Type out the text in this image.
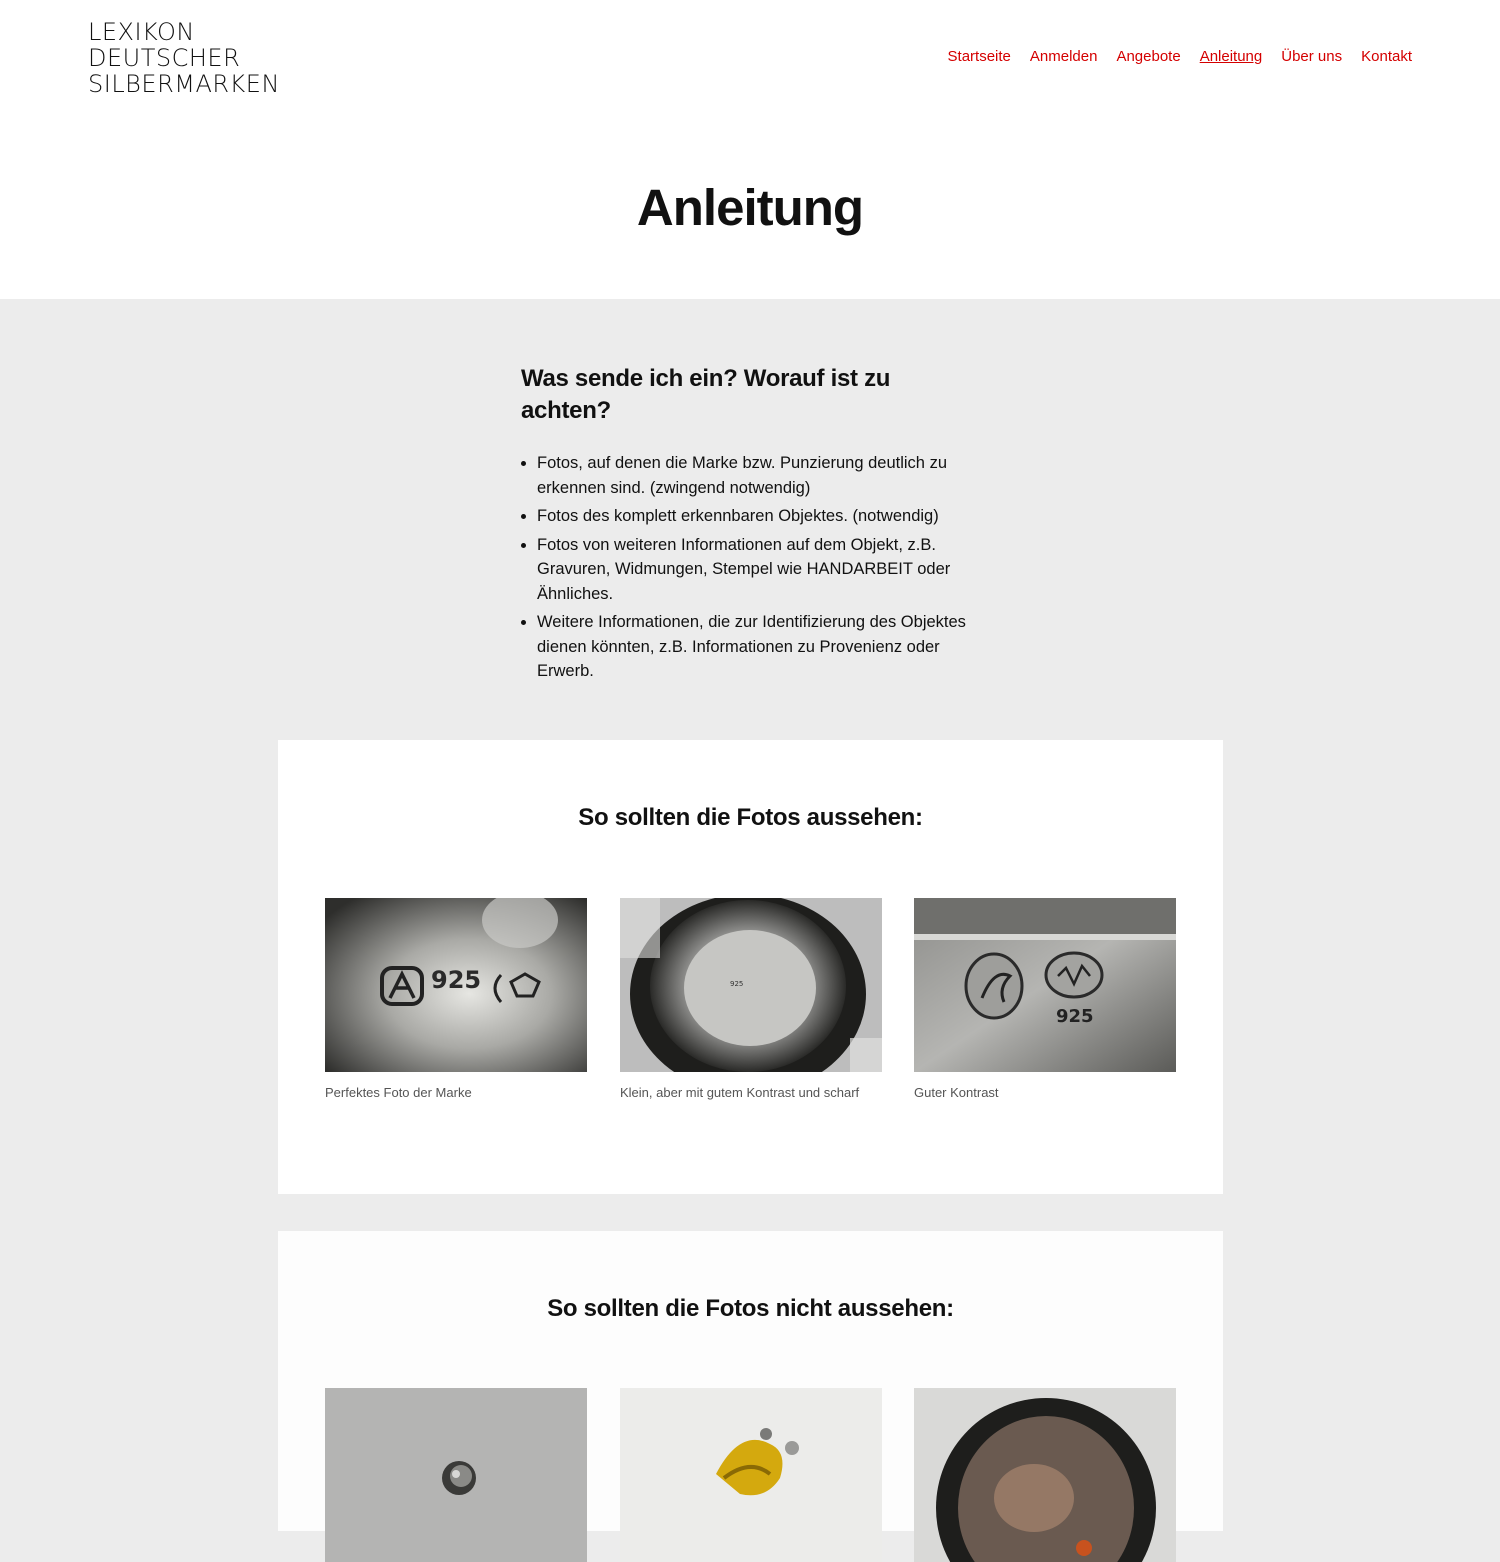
LEXIKON
DEUTSCHER
SILBERMARKEN
Startseite Anmelden Angebote Anleitung Über uns Kontakt
Anleitung
Was sende ich ein? Worauf ist zu achten?
• Fotos, auf denen die Marke bzw. Punzierung deutlich zu erkennen sind. (zwingend notwendig)
• Fotos des komplett erkennbaren Objektes. (notwendig)
• Fotos von weiteren Informationen auf dem Objekt, z.B. Gravuren, Widmungen, Stempel wie HANDARBEIT oder Ähnliches.
• Weitere Informationen, die zur Identifizierung des Objektes dienen könnten, z.B. Informationen zu Provenienz oder Erwerb.
So sollten die Fotos aussehen:
925
Perfektes Foto der Marke
925
Klein, aber mit gutem Kontrast und scharf
925
Guter Kontrast
So sollten die Fotos nicht aussehen:
